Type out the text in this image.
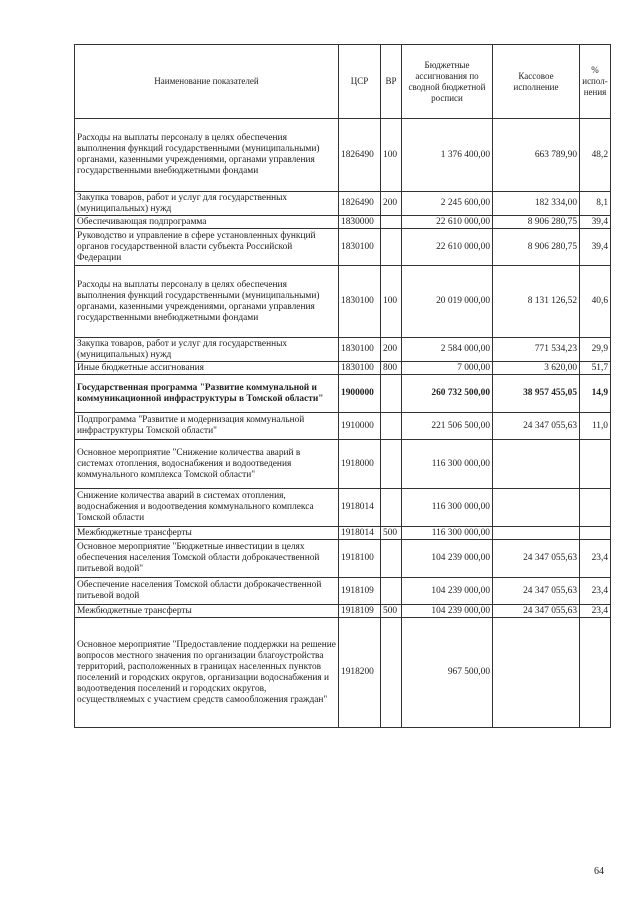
Наименование показателей	ЦСР	ВР	Бюджетные ассигнования по сводной бюджетной росписи	Кассовое исполнение	% испол-нения
Расходы на выплаты персоналу в целях обеспечения выполнения функций государственными (муниципальными) органами, казенными учреждениями, органами управления государственными внебюджетными фондами	1826490	100	1 376 400,00	663 789,90	48,2
Закупка товаров, работ и услуг для государственных (муниципальных) нужд	1826490	200	2 245 600,00	182 334,00	8,1
Обеспечивающая подпрограмма	1830000		22 610 000,00	8 906 280,75	39,4
Руководство и управление в сфере установленных функций органов государственной власти субъекта Российской Федерации	1830100		22 610 000,00	8 906 280,75	39,4
Расходы на выплаты персоналу в целях обеспечения выполнения функций государственными (муниципальными) органами, казенными учреждениями, органами управления государственными внебюджетными фондами	1830100	100	20 019 000,00	8 131 126,52	40,6
Закупка товаров, работ и услуг для государственных (муниципальных) нужд	1830100	200	2 584 000,00	771 534,23	29,9
Иные бюджетные ассигнования	1830100	800	7 000,00	3 620,00	51,7
Государственная программа "Развитие коммунальной и коммуникационной инфраструктуры в Томской области"	1900000		260 732 500,00	38 957 455,05	14,9
Подпрограмма "Развитие и модернизация коммунальной инфраструктуры Томской области"	1910000		221 506 500,00	24 347 055,63	11,0
Основное мероприятие "Снижение количества аварий в системах отопления, водоснабжения и водоотведения коммунального комплекса Томской области"	1918000		116 300 000,00		
Снижение количества аварий в системах отопления, водоснабжения и водоотведения коммунального комплекса Томской области	1918014		116 300 000,00		
Межбюджетные трансферты	1918014	500	116 300 000,00		
Основное мероприятие "Бюджетные инвестиции в целях обеспечения населения Томской области доброкачественной питьевой водой"	1918100		104 239 000,00	24 347 055,63	23,4
Обеспечение населения Томской области доброкачественной питьевой водой	1918109		104 239 000,00	24 347 055,63	23,4
Межбюджетные трансферты	1918109	500	104 239 000,00	24 347 055,63	23,4
Основное мероприятие "Предоставление поддержки на решение вопросов местного значения по организации благоустройства территорий, расположенных в границах населенных пунктов поселений и городских округов, организации водоснабжения и водоотведения поселений и городских округов, осуществляемых с участием средств самообложения граждан"	1918200		967 500,00		
64
